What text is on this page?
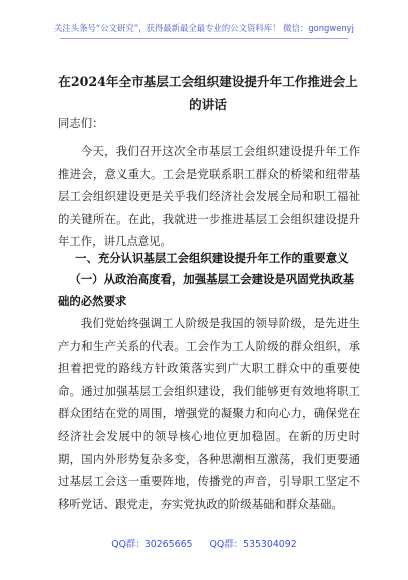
关注头条号“公文研究”，获得最新最全最专业的公文资料库！ 微信：gongwenyj
在2024年全市基层工会组织建设提升年工作推进会上的讲话
同志们：
今天，我们召开这次全市基层工会组织建设提升年工作推进会，意义重大。工会是党联系职工群众的桥梁和纽带基层工会组织建设更是关乎我们经济社会发展全局和职工福祉的关键所在。在此，我就进一步推进基层工会组织建设提升年工作，讲几点意见。
一、充分认识基层工会组织建设提升年工作的重要意义
（一）从政治高度看，加强基层工会建设是巩固党执政基础的必然要求
我们党始终强调工人阶级是我国的领导阶级，是先进生产力和生产关系的代表。工会作为工人阶级的群众组织，承担着把党的路线方针政策落实到广大职工群众中的重要使命。通过加强基层工会组织建设，我们能够更有效地将职工群众团结在党的周围，增强党的凝聚力和向心力，确保党在经济社会发展中的领导核心地位更加稳固。在新的历史时期，国内外形势复杂多变，各种思潮相互激荡，我们更要通过基层工会这一重要阵地，传播党的声音，引导职工坚定不移听党话、跟党走，夯实党执政的阶级基础和群众基础。
QQ群：30265665 QQ群：535304092
